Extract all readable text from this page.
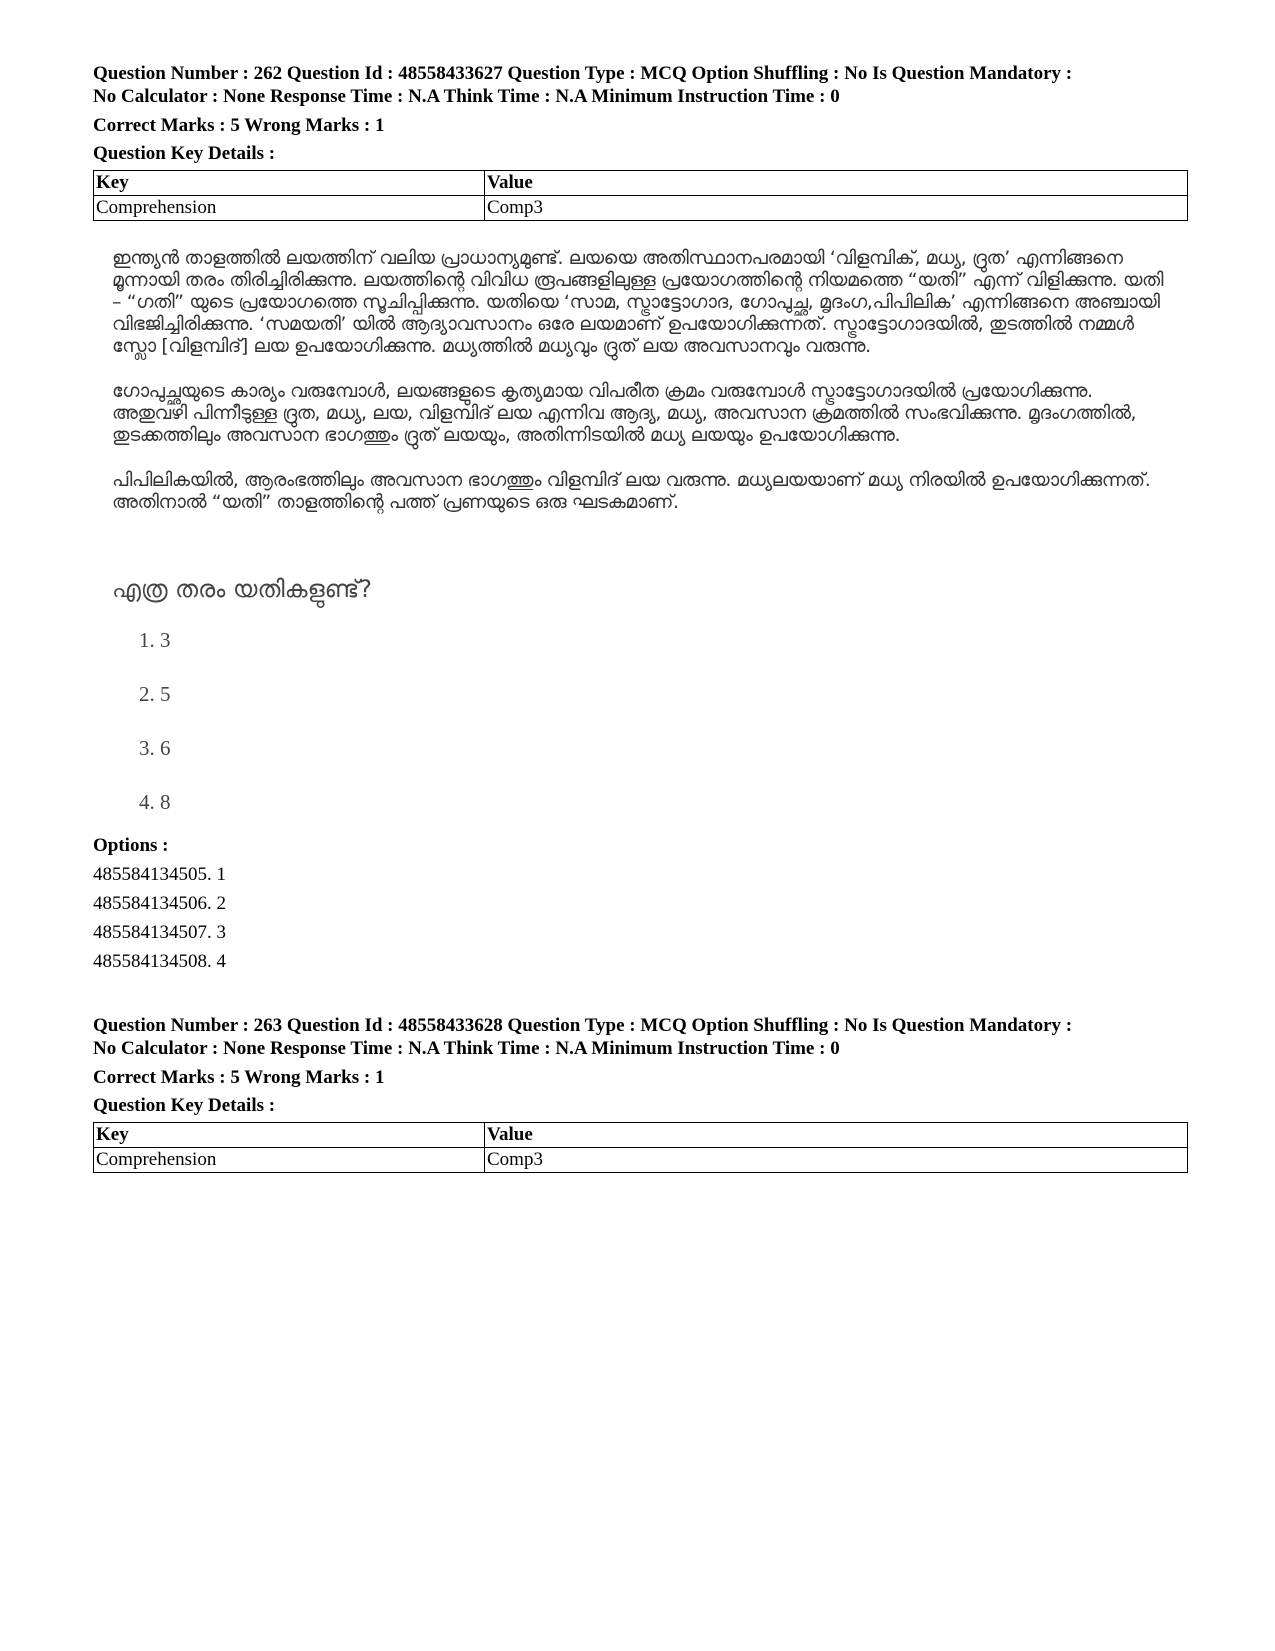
Question Number : 262 Question Id : 48558433627 Question Type : MCQ Option Shuffling : No Is Question Mandatory :
No Calculator : None Response Time : N.A Think Time : N.A Minimum Instruction Time : 0
Correct Marks : 5 Wrong Marks : 1
Question Key Details :
Key	Value
Comprehension	Comp3

ഇന്ത്യൻ താളത്തിൽ ലയത്തിന് വലിയ പ്രാധാന്യമുണ്ട്. ലയയെ അതിസ്ഥാനപരമായി ‘വിളമ്പിക്, മധ്യ, ദ്രുത’ എന്നിങ്ങനെ മൂന്നായി തരം തിരിച്ചിരിക്കുന്നു. ലയത്തിന്റെ വിവിധ രൂപങ്ങളിലുള്ള പ്രയോഗത്തിന്റെ നിയമത്തെ “യതി” എന്ന് വിളിക്കുന്നു. യതി – “ഗതി” യുടെ പ്രയോഗത്തെ സൂചിപ്പിക്കുന്നു. യതിയെ ‘സാമ, സ്ട്രാട്ടോഗാദ, ഗോപുച്ഛ, മൃദംഗ,പിപിലിക’ എന്നിങ്ങനെ അഞ്ചായി വിഭജിച്ചിരിക്കുന്നു. ‘സമയതി’ യിൽ ആദ്യാവസാനം ഒരേ ലയമാണ് ഉപയോഗിക്കുന്നത്. സ്ട്രാട്ടോഗാദയിൽ, തുടത്തിൽ നമ്മൾ സ്ലോ [വിളമ്പിദ്] ലയ ഉപയോഗിക്കുന്നു. മധ്യത്തിൽ മധ്യവും ദ്രുത് ലയ അവസാനവും വരുന്നു.

ഗോപുച്ഛയുടെ കാര്യം വരുമ്പോൾ, ലയങ്ങളുടെ കൃത്യമായ വിപരീത ക്രമം വരുമ്പോൾ സ്ട്രാട്ടോഗാദയിൽ പ്രയോഗിക്കുന്നു. അതുവഴി പിന്നീടുള്ള ദ്രുത, മധ്യ, ലയ, വിളമ്പിദ് ലയ എന്നിവ ആദ്യ, മധ്യ, അവസാന ക്രമത്തിൽ സംഭവിക്കുന്നു. മൃദംഗത്തിൽ, തുടക്കത്തിലും അവസാന ഭാഗത്തും ദ്രുത് ലയയും, അതിന്നിടയിൽ മധ്യ ലയയും ഉപയോഗിക്കുന്നു.

പിപിലികയിൽ, ആരംഭത്തിലും അവസാന ഭാഗത്തും വിളമ്പിദ് ലയ വരുന്നു. മധ്യലയയാണ് മധ്യ നിരയിൽ ഉപയോഗിക്കുന്നത്. അതിനാൽ “യതി” താളത്തിന്റെ പത്ത് പ്രണയുടെ ഒരു ഘടകമാണ്.

എത്ര തരം യതികളുണ്ട്?
1. 3
2. 5
3. 6
4. 8
Options :
485584134505. 1
485584134506. 2
485584134507. 3
485584134508. 4
Question Number : 263 Question Id : 48558433628 Question Type : MCQ Option Shuffling : No Is Question Mandatory :
No Calculator : None Response Time : N.A Think Time : N.A Minimum Instruction Time : 0
Correct Marks : 5 Wrong Marks : 1
Question Key Details :
Key	Value
Comprehension	Comp3
